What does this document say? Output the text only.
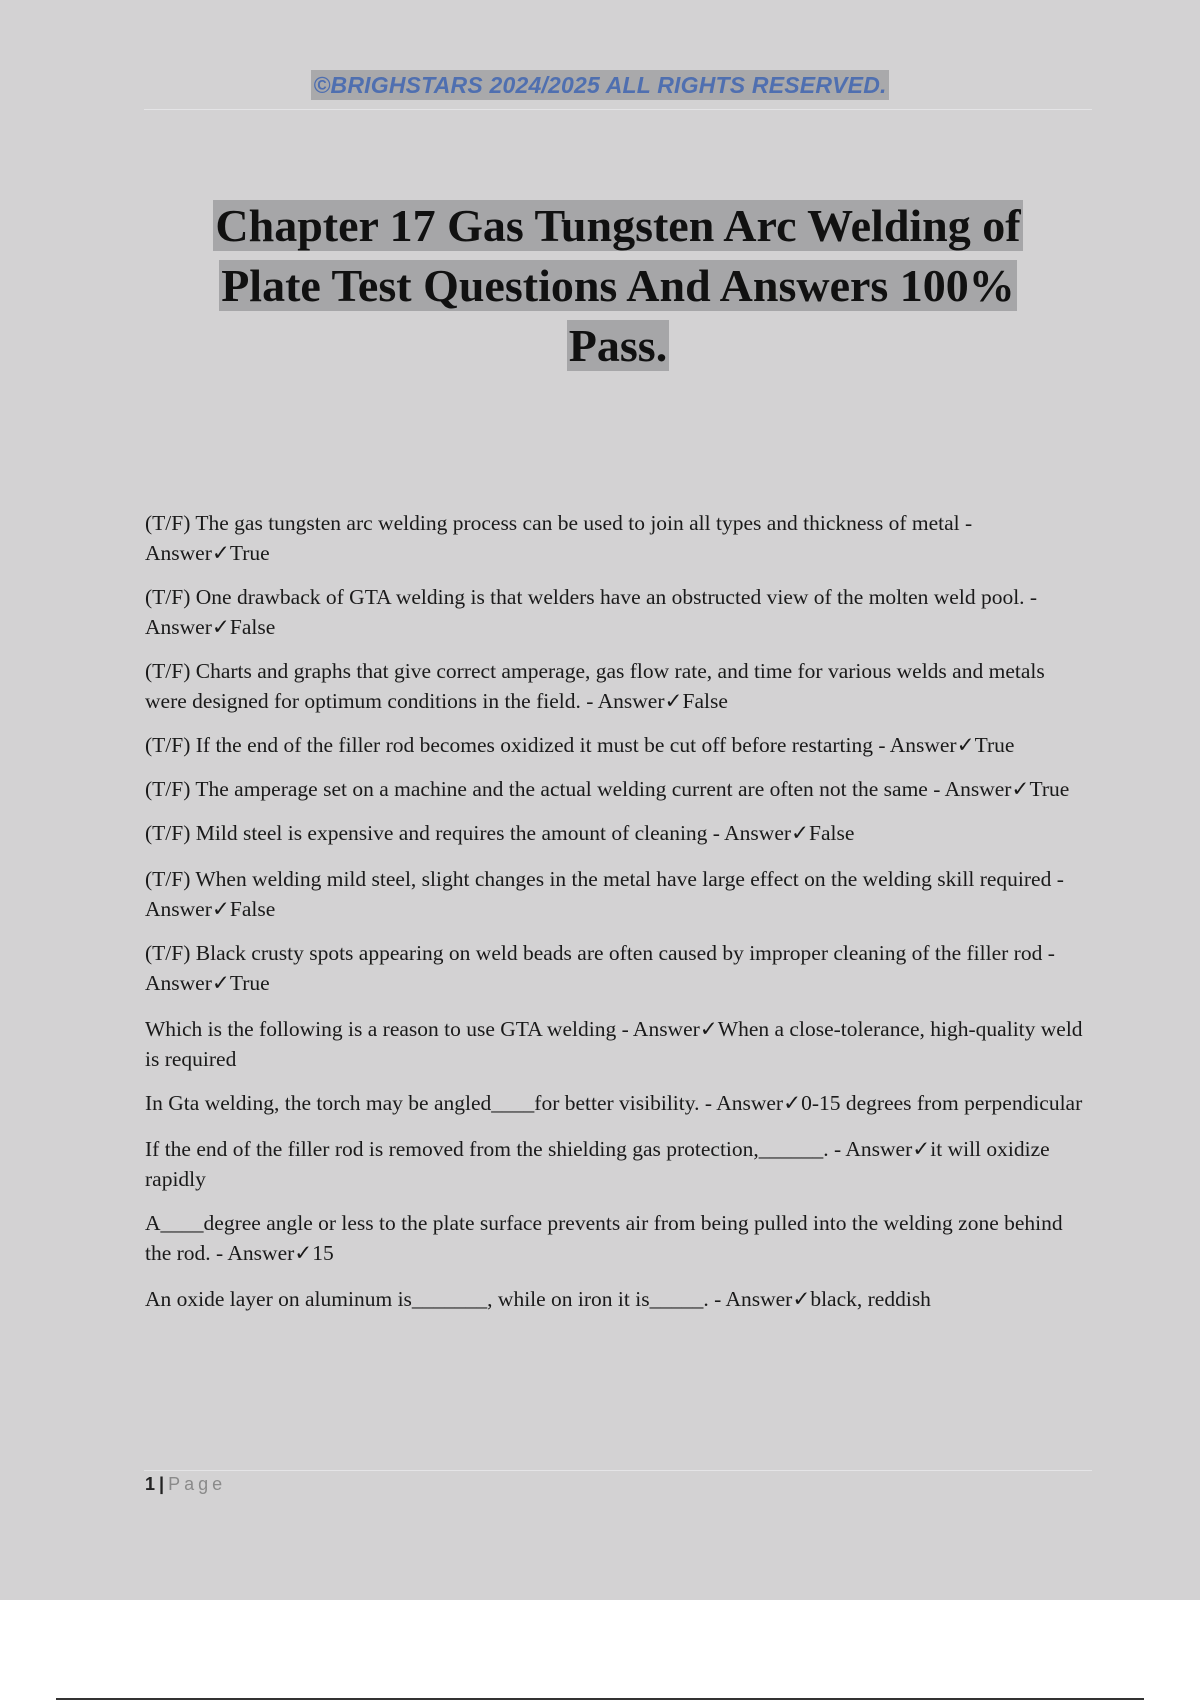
©BRIGHSTARS 2024/2025 ALL RIGHTS RESERVED.
Chapter 17 Gas Tungsten Arc Welding of
Plate Test Questions And Answers 100%
Pass.

(T/F) The gas tungsten arc welding process can be used to join all types and thickness of metal - Answer✓True

(T/F) One drawback of GTA welding is that welders have an obstructed view of the molten weld pool. - Answer✓False

(T/F) Charts and graphs that give correct amperage, gas flow rate, and time for various welds and metals were designed for optimum conditions in the field. - Answer✓False

(T/F) If the end of the filler rod becomes oxidized it must be cut off before restarting - Answer✓True

(T/F) The amperage set on a machine and the actual welding current are often not the same - Answer✓True

(T/F) Mild steel is expensive and requires the amount of cleaning - Answer✓False

(T/F) When welding mild steel, slight changes in the metal have large effect on the welding skill required - Answer✓False

(T/F) Black crusty spots appearing on weld beads are often caused by improper cleaning of the filler rod - Answer✓True

Which is the following is a reason to use GTA welding - Answer✓When a close-tolerance, high-quality weld is required

In Gta welding, the torch may be angled____for better visibility. - Answer✓0-15 degrees from perpendicular

If the end of the filler rod is removed from the shielding gas protection,______. - Answer✓it will oxidize rapidly

A____degree angle or less to the plate surface prevents air from being pulled into the welding zone behind the rod. - Answer✓15

An oxide layer on aluminum is_______, while on iron it is_____. - Answer✓black, reddish

1 | Page
